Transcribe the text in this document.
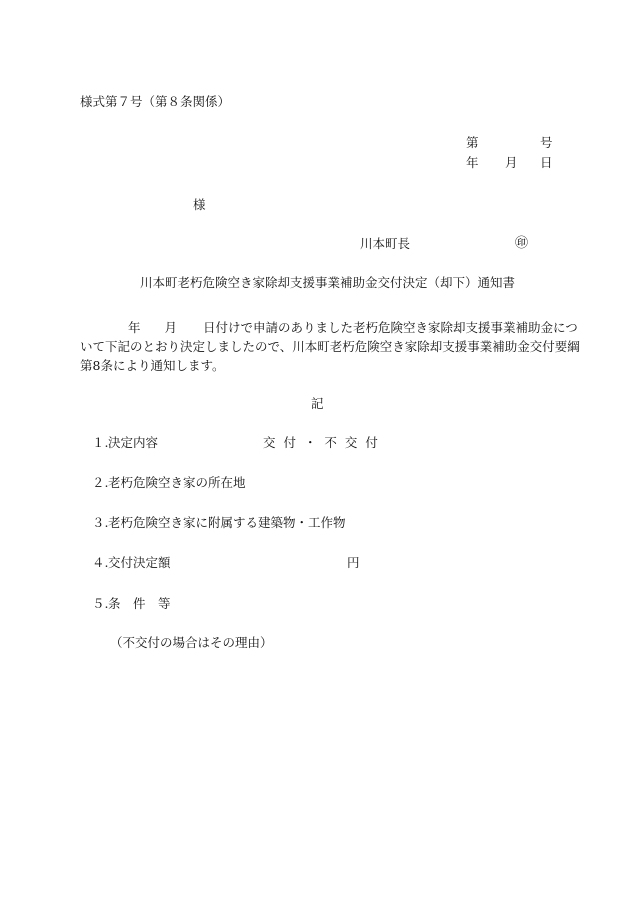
様式第７号（第８条関係）
第	号
年 月 日
様
川本町長	㊞
川本町老朽危険空き家除却支援事業補助金交付決定（却下）通知書
年 月 日付けで申請のありました老朽危険空き家除却支援事業補助金につ
いて下記のとおり決定しましたので、川本町老朽危険空き家除却支援事業補助金交付要綱
第8条により通知します。
記
１. 決定内容	交 付 ・ 不 交 付
２. 老朽危険空き家の所在地
３. 老朽危険空き家に附属する建築物・工作物
４. 交付決定額	円
５. 条　件　等
（不交付の場合はその理由）
